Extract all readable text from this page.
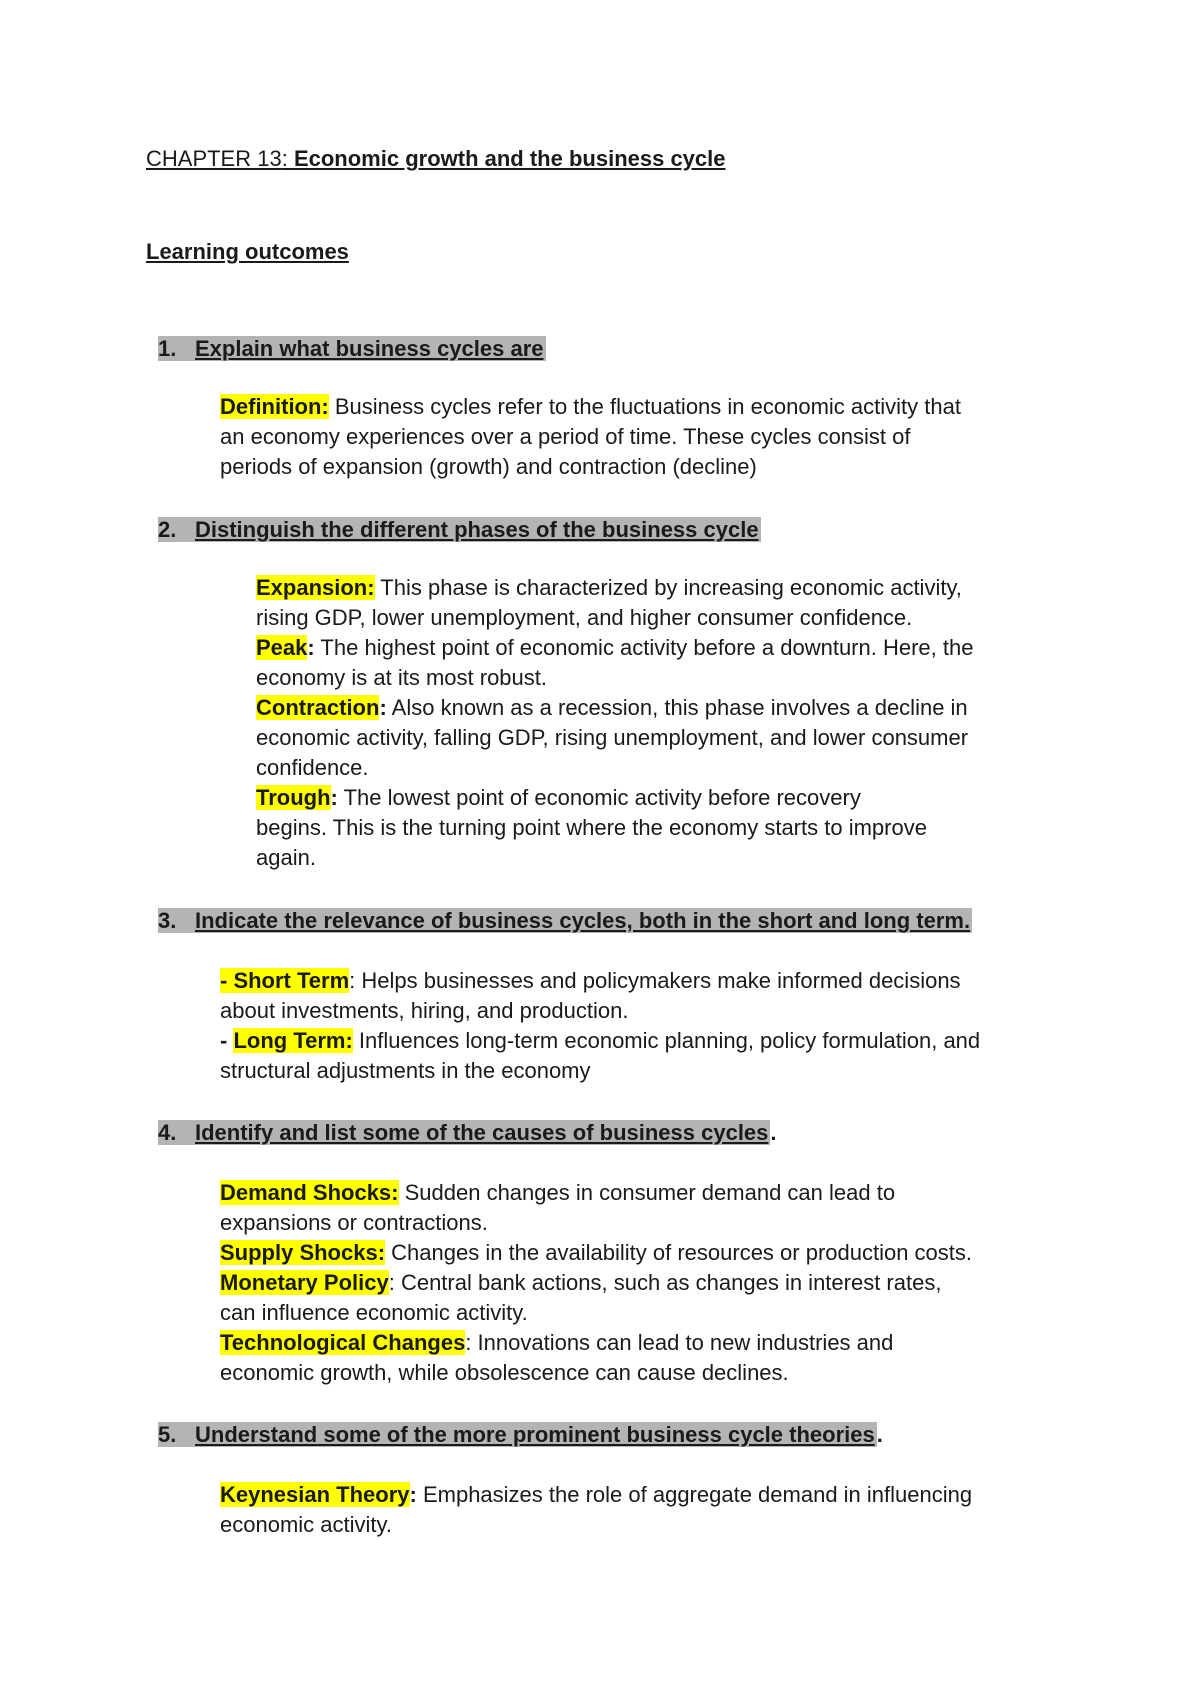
CHAPTER 13: Economic growth and the business cycle
Learning outcomes
1. Explain what business cycles are

Definition: Business cycles refer to the fluctuations in economic activity that

an economy experiences over a period of time. These cycles consist of

periods of expansion (growth) and contraction (decline)

2. Distinguish the different phases of the business cycle

Expansion: This phase is characterized by increasing economic activity,

rising GDP, lower unemployment, and higher consumer confidence.

Peak: The highest point of economic activity before a downturn. Here, the

economy is at its most robust.

Contraction: Also known as a recession, this phase involves a decline in

economic activity, falling GDP, rising unemployment, and lower consumer

confidence.

Trough: The lowest point of economic activity before recovery

begins. This is the turning point where the economy starts to improve

again.

3. Indicate the relevance of business cycles, both in the short and long term.

- Short Term: Helps businesses and policymakers make informed decisions

about investments, hiring, and production.

- Long Term: Influences long-term economic planning, policy formulation, and

structural adjustments in the economy

4. Identify and list some of the causes of business cycles.

Demand Shocks: Sudden changes in consumer demand can lead to

expansions or contractions.

Supply Shocks: Changes in the availability of resources or production costs.

Monetary Policy: Central bank actions, such as changes in interest rates,

can influence economic activity.

Technological Changes: Innovations can lead to new industries and

economic growth, while obsolescence can cause declines.

5. Understand some of the more prominent business cycle theories.

Keynesian Theory: Emphasizes the role of aggregate demand in influencing

economic activity.
